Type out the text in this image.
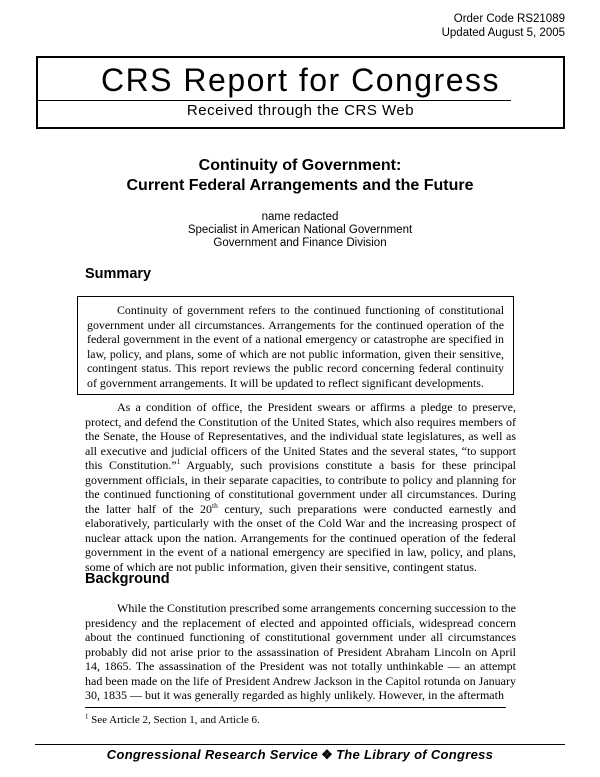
Order Code RS21089
Updated August 5, 2005
CRS Report for Congress
Received through the CRS Web
Continuity of Government:
Current Federal Arrangements and the Future
name redacted
Specialist in American National Government
Government and Finance Division
Summary

Continuity of government refers to the continued functioning of constitutional government under all circumstances. Arrangements for the continued operation of the federal government in the event of a national emergency or catastrophe are specified in law, policy, and plans, some of which are not public information, given their sensitive, contingent status. This report reviews the public record concerning federal continuity of government arrangements. It will be updated to reflect significant developments.

As a condition of office, the President swears or affirms a pledge to preserve, protect, and defend the Constitution of the United States, which also requires members of the Senate, the House of Representatives, and the individual state legislatures, as well as all executive and judicial officers of the United States and the several states, “to support this Constitution.”$^1$ Arguably, such provisions constitute a basis for these principal government officials, in their separate capacities, to contribute to policy and planning for the continued functioning of constitutional government under all circumstances. During the latter half of the 20th century, such preparations were conducted earnestly and elaboratively, particularly with the onset of the Cold War and the increasing prospect of nuclear attack upon the nation. Arrangements for the continued operation of the federal government in the event of a national emergency are specified in law, policy, and plans, some of which are not public information, given their sensitive, contingent status.

Background

While the Constitution prescribed some arrangements concerning succession to the presidency and the replacement of elected and appointed officials, widespread concern about the continued functioning of constitutional government under all circumstances probably did not arise prior to the assassination of President Abraham Lincoln on April 14, 1865. The assassination of the President was not totally unthinkable — an attempt had been made on the life of President Andrew Jackson in the Capitol rotunda on January 30, 1835 — but it was generally regarded as highly unlikely. However, in the aftermath

$^1$ See Article 2, Section 1, and Article 6.
Congressional Research Service ❖ The Library of Congress
